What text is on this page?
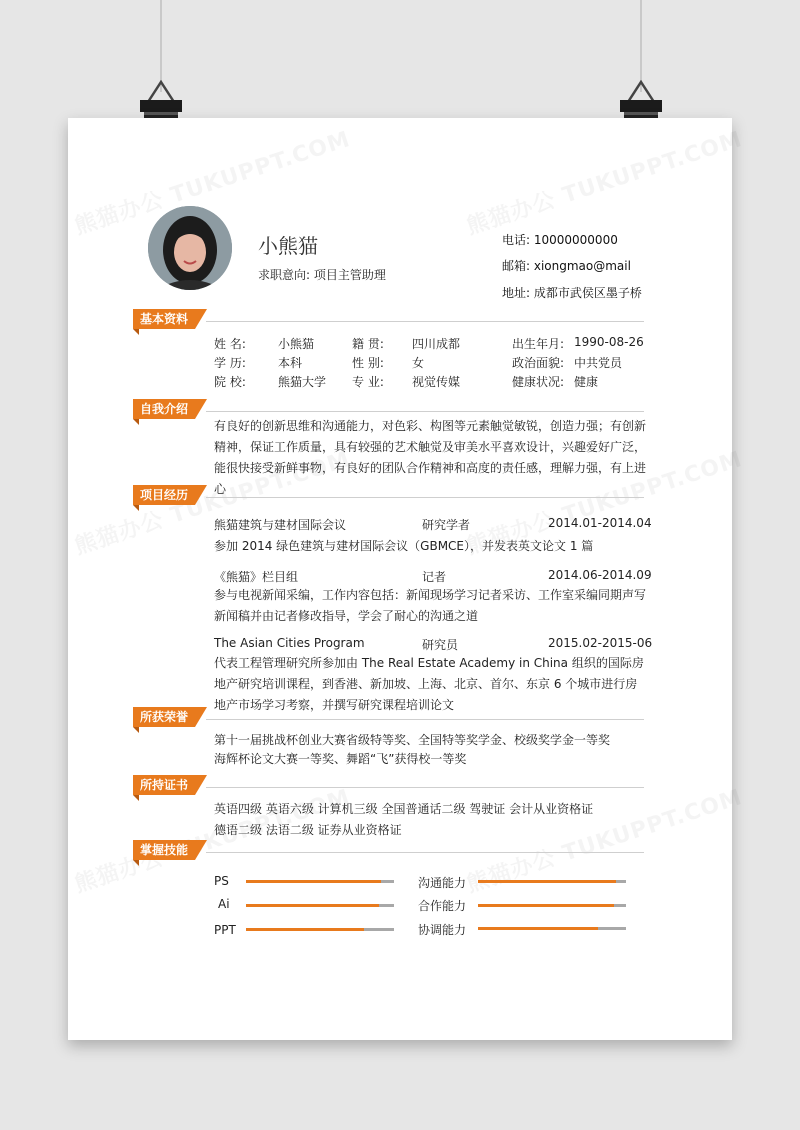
小熊猫
求职意向: 项目主管助理
电话: 10000000000
邮箱: xiongmao@mail
地址: 成都市武侯区墨子桥
基本资料
姓 名:	小熊猫	籍 贯: 四川成都	出生年月: 1990-08-26
学 历:	本科	性 别: 女	政治面貌: 中共党员
院 校:	熊猫大学 专 业: 视觉传媒	健康状况: 健康
自我介绍
有良好的创新思维和沟通能力，对色彩、构图等元素触觉敏锐，创造力强；有创新精神，保证工作质量，具有较强的艺术触觉及审美水平喜欢设计，兴趣爱好广泛，能很快接受新鲜事物，有良好的团队合作精神和高度的责任感，理解力强，有上进心
项目经历
熊猫建筑与建材国际会议	研究学者	2014.01-2014.04
参加 2014 绿色建筑与建材国际会议（GBMCE），并发表英文论文 1 篇
《熊猫》栏目组	记者	2014.06-2014.09
参与电视新闻采编，工作内容包括：新闻现场学习记者采访、工作室采编同期声写新闻稿并由记者修改指导，学会了耐心的沟通之道
The Asian Cities Program	研究员	2015.02-2015-06
代表工程管理研究所参加由 The Real Estate Academy in China 组织的国际房地产研究培训课程，到香港、新加坡、上海、北京、首尔、东京 6 个城市进行房地产市场学习考察，并撰写研究课程培训论文
所获荣誉
第十一届挑战杯创业大赛省级特等奖、全国特等奖学金、校级奖学金一等奖
海辉杯论文大赛一等奖、舞蹈“飞”获得校一等奖
所持证书
英语四级 英语六级 计算机三级 全国普通话二级 驾驶证 会计从业资格证
德语二级 法语二级 证券从业资格证
掌握技能
PS
Ai
PPT
沟通能力
合作能力
协调能力
